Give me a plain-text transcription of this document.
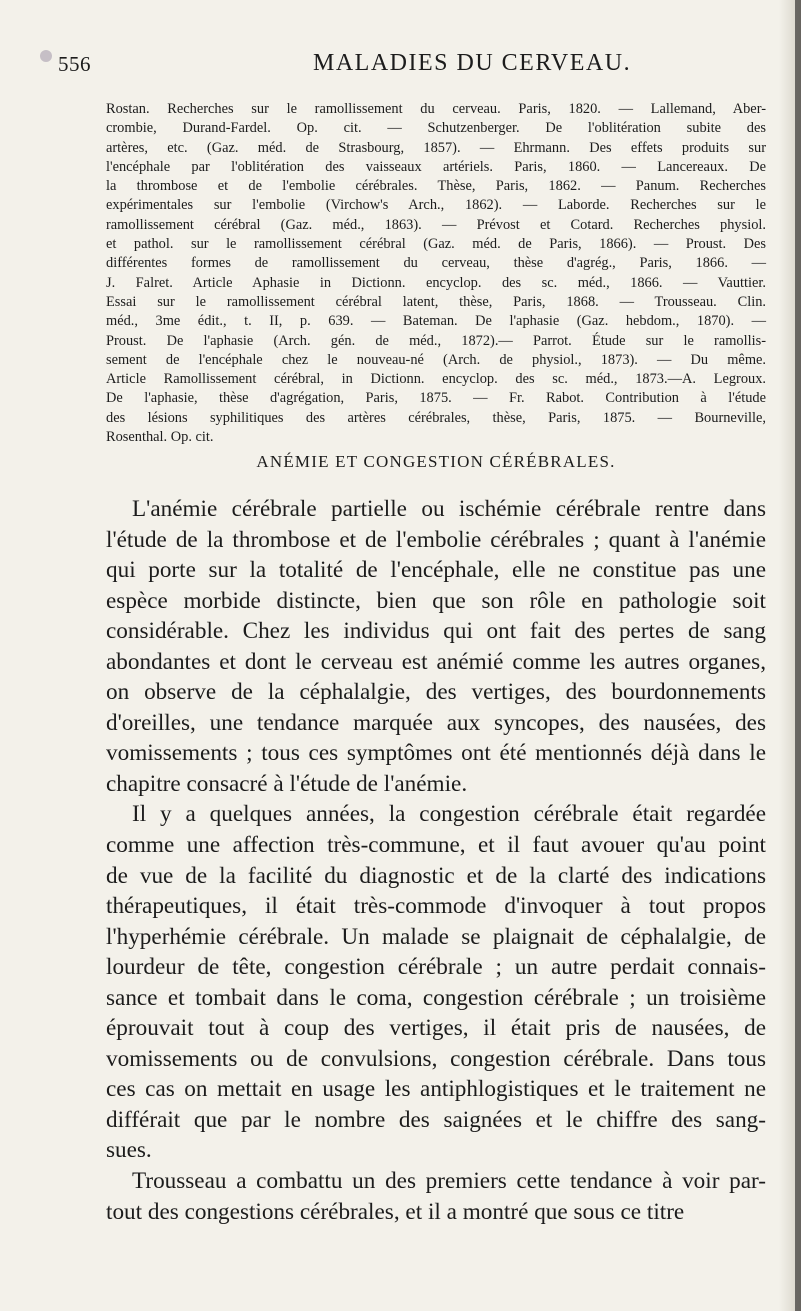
556	MALADIES DU CERVEAU.
Rostan. Recherches sur le ramollissement du cerveau. Paris, 1820. — Lallemand, Aber-
crombie, Durand-Fardel. Op. cit. — Schutzenberger. De l'oblitération subite des
artères, etc. (Gaz. méd. de Strasbourg, 1857). — Ehrmann. Des effets produits sur
l'encéphale par l'oblitération des vaisseaux artériels. Paris, 1860. — Lancereaux. De
la thrombose et de l'embolie cérébrales. Thèse, Paris, 1862. — Panum. Recherches
expérimentales sur l'embolie (Virchow's Arch., 1862). — Laborde. Recherches sur le
ramollissement cérébral (Gaz. méd., 1863). — Prévost et Cotard. Recherches physiol.
et pathol. sur le ramollissement cérébral (Gaz. méd. de Paris, 1866). — Proust. Des
différentes formes de ramollissement du cerveau, thèse d'agrég., Paris, 1866. —
J. Falret. Article Aphasie in Dictionn. encyclop. des sc. méd., 1866. — Vauttier.
Essai sur le ramollissement cérébral latent, thèse, Paris, 1868. — Trousseau. Clin.
méd., 3me édit., t. II, p. 639. — Bateman. De l'aphasie (Gaz. hebdom., 1870). —
Proust. De l'aphasie (Arch. gén. de méd., 1872).— Parrot. Étude sur le ramollis-
sement de l'encéphale chez le nouveau-né (Arch. de physiol., 1873). — Du même.
Article Ramollissement cérébral, in Dictionn. encyclop. des sc. méd., 1873.—A. Legroux.
De l'aphasie, thèse d'agrégation, Paris, 1875. — Fr. Rabot. Contribution à l'étude
des lésions syphilitiques des artères cérébrales, thèse, Paris, 1875. — Bourneville,
Rosenthal. Op. cit.
ANÉMIE ET CONGESTION CÉRÉBRALES.
L'anémie cérébrale partielle ou ischémie cérébrale rentre dans
l'étude de la thrombose et de l'embolie cérébrales ; quant à l'anémie
qui porte sur la totalité de l'encéphale, elle ne constitue pas une
espèce morbide distincte, bien que son rôle en pathologie soit
considérable. Chez les individus qui ont fait des pertes de sang
abondantes et dont le cerveau est anémié comme les autres organes,
on observe de la céphalalgie, des vertiges, des bourdonnements
d'oreilles, une tendance marquée aux syncopes, des nausées, des
vomissements ; tous ces symptômes ont été mentionnés déjà dans le
chapitre consacré à l'étude de l'anémie.
Il y a quelques années, la congestion cérébrale était regardée
comme une affection très-commune, et il faut avouer qu'au point
de vue de la facilité du diagnostic et de la clarté des indications
thérapeutiques, il était très-commode d'invoquer à tout propos
l'hyperhémie cérébrale. Un malade se plaignait de céphalalgie, de
lourdeur de tête, congestion cérébrale ; un autre perdait connais-
sance et tombait dans le coma, congestion cérébrale ; un troisième
éprouvait tout à coup des vertiges, il était pris de nausées, de
vomissements ou de convulsions, congestion cérébrale. Dans tous
ces cas on mettait en usage les antiphlogistiques et le traitement ne
différait que par le nombre des saignées et le chiffre des sang-
sues.
Trousseau a combattu un des premiers cette tendance à voir par-
tout des congestions cérébrales, et il a montré que sous ce titre
